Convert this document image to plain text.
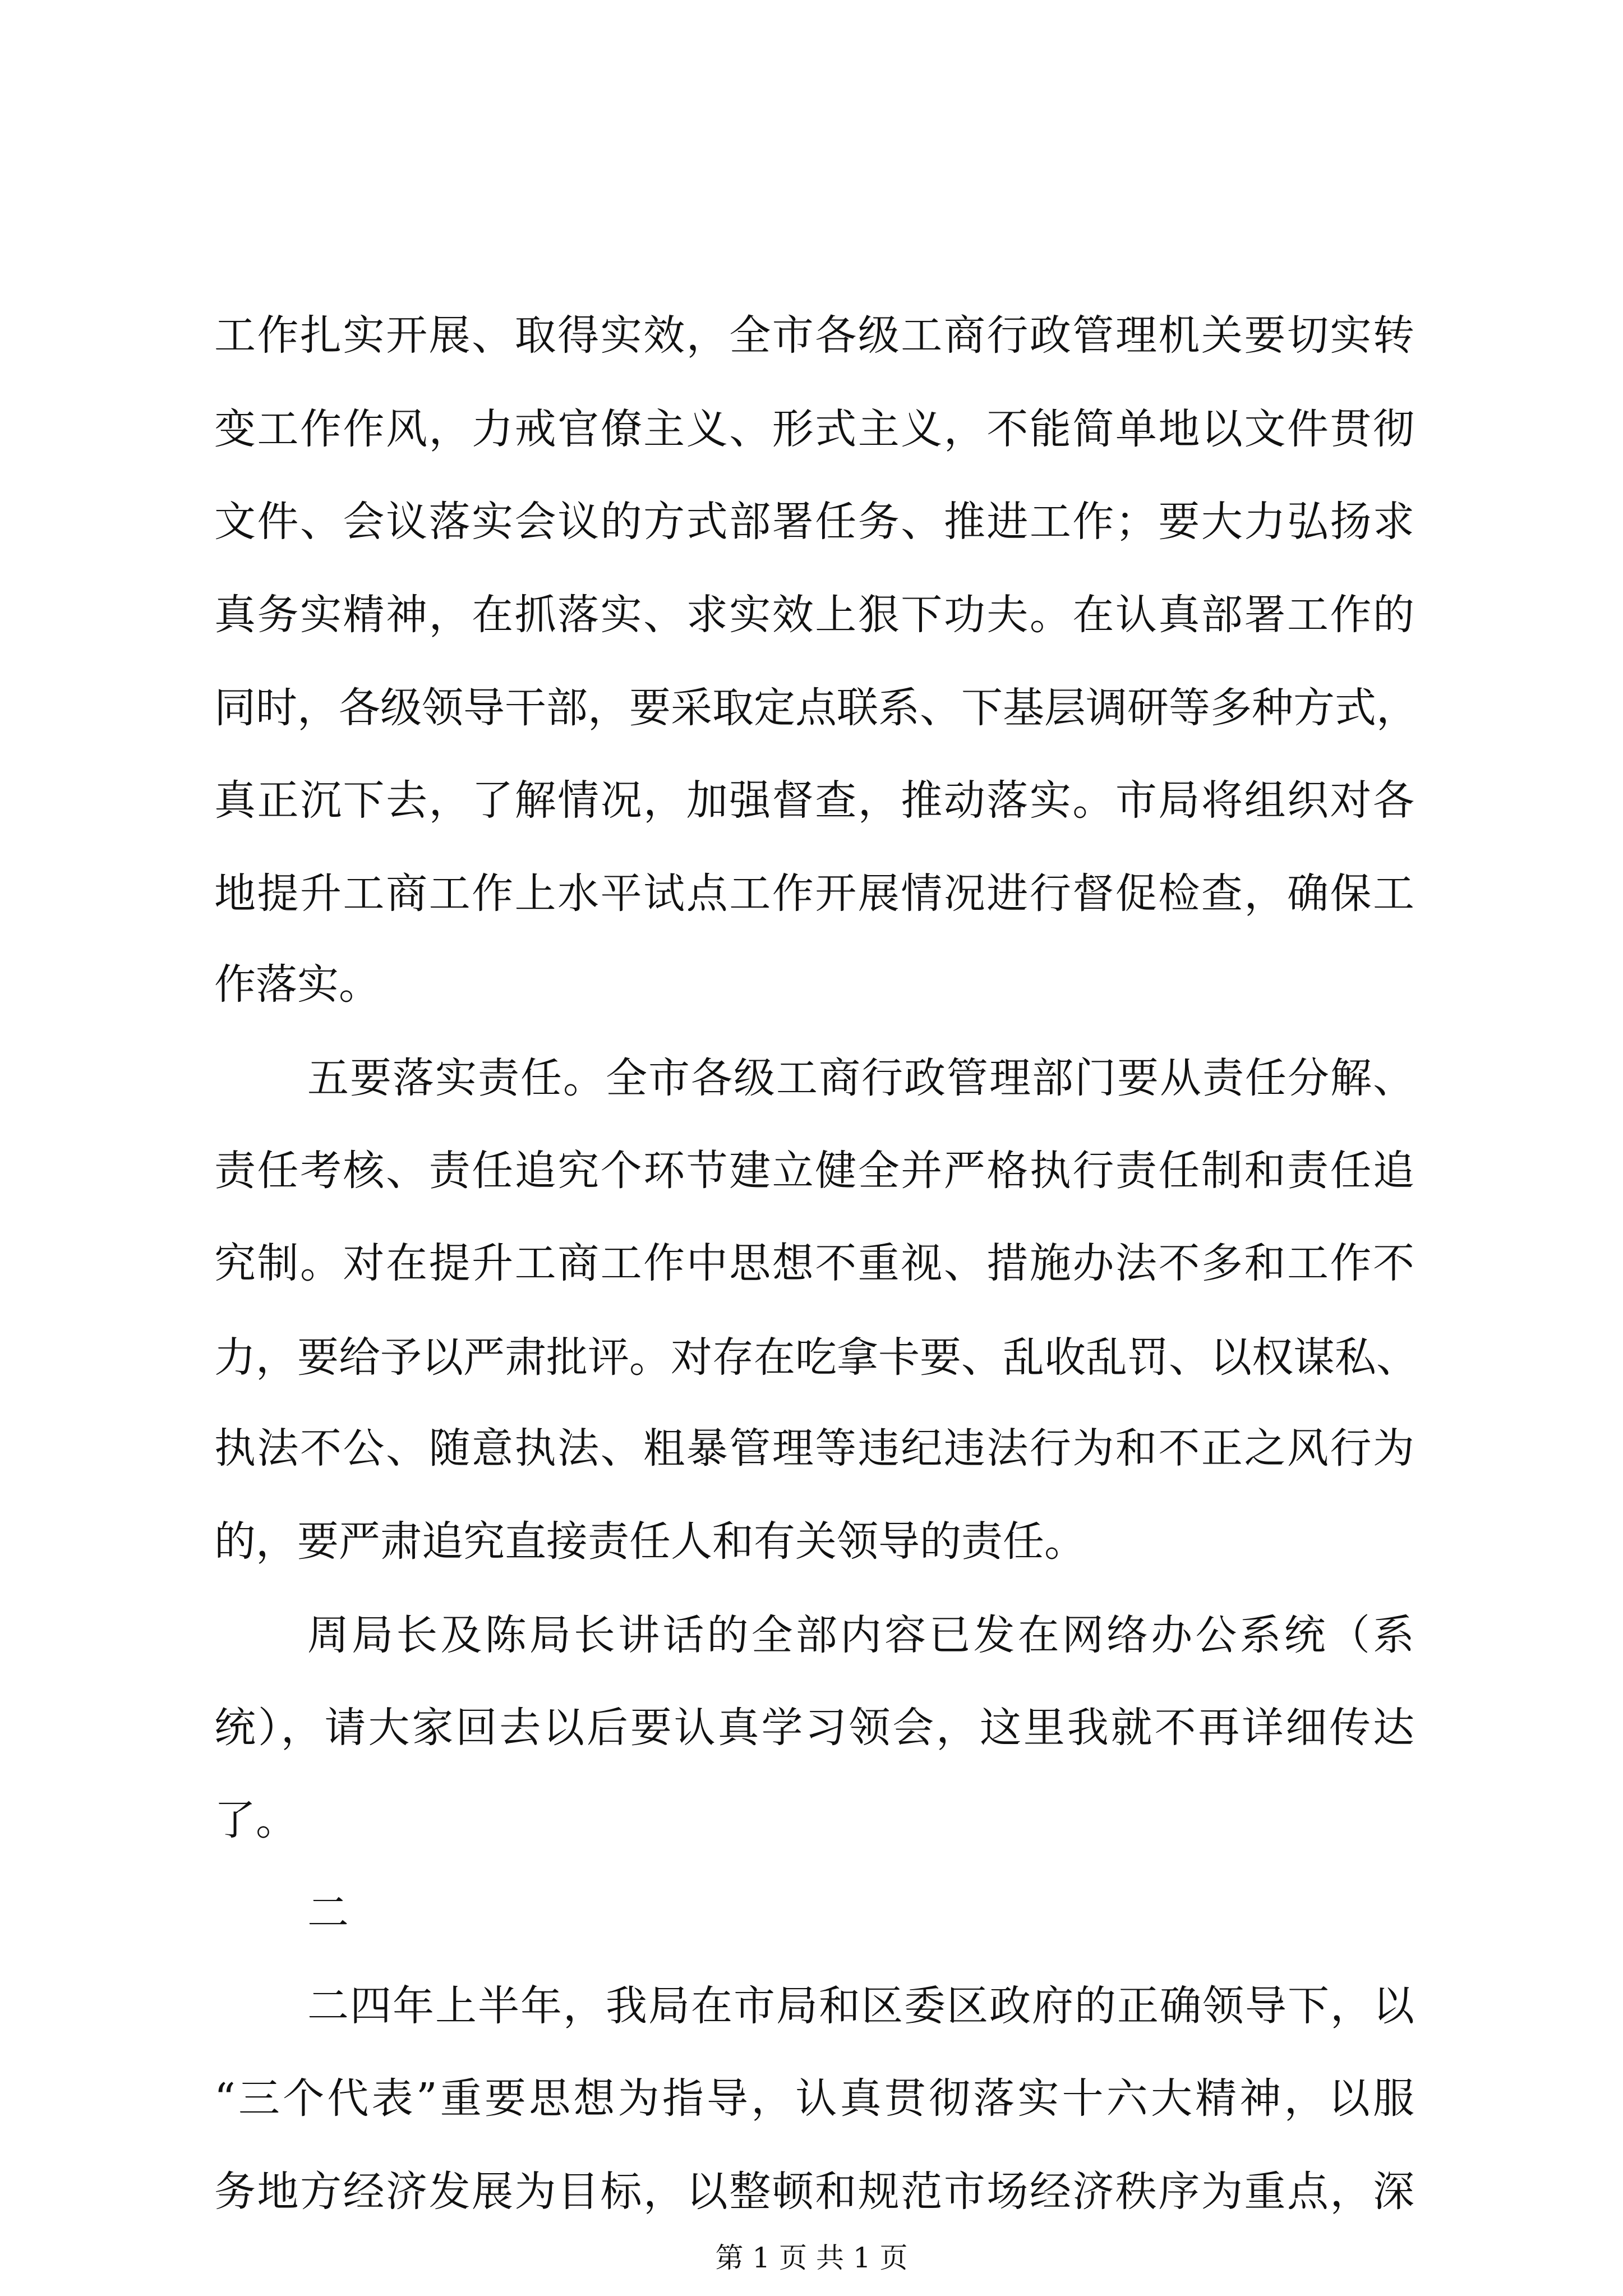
工作扎实开展、取得实效，全市各级工商行政管理机关要切实转
变工作作风，力戒官僚主义、形式主义，不能简单地以文件贯彻
文件、会议落实会议的方式部署任务、推进工作；要大力弘扬求
真务实精神，在抓落实、求实效上狠下功夫。在认真部署工作的
同时，各级领导干部，要采取定点联系、下基层调研等多种方式，
真正沉下去，了解情况，加强督查，推动落实。市局将组织对各
地提升工商工作上水平试点工作开展情况进行督促检查，确保工
作落实。
五要落实责任。全市各级工商行政管理部门要从责任分解、
责任考核、责任追究个环节建立健全并严格执行责任制和责任追
究制。对在提升工商工作中思想不重视、措施办法不多和工作不
力，要给予以严肃批评。对存在吃拿卡要、乱收乱罚、以权谋私、
执法不公、随意执法、粗暴管理等违纪违法行为和不正之风行为
的，要严肃追究直接责任人和有关领导的责任。
周局长及陈局长讲话的全部内容已发在网络办公系统（系
统），请大家回去以后要认真学习领会，这里我就不再详细传达
了。
二
二四年上半年，我局在市局和区委区政府的正确领导下，以
“三个代表”重要思想为指导，认真贯彻落实十六大精神，以服
务地方经济发展为目标，以整顿和规范市场经济秩序为重点，深
第 1 页 共 1 页
